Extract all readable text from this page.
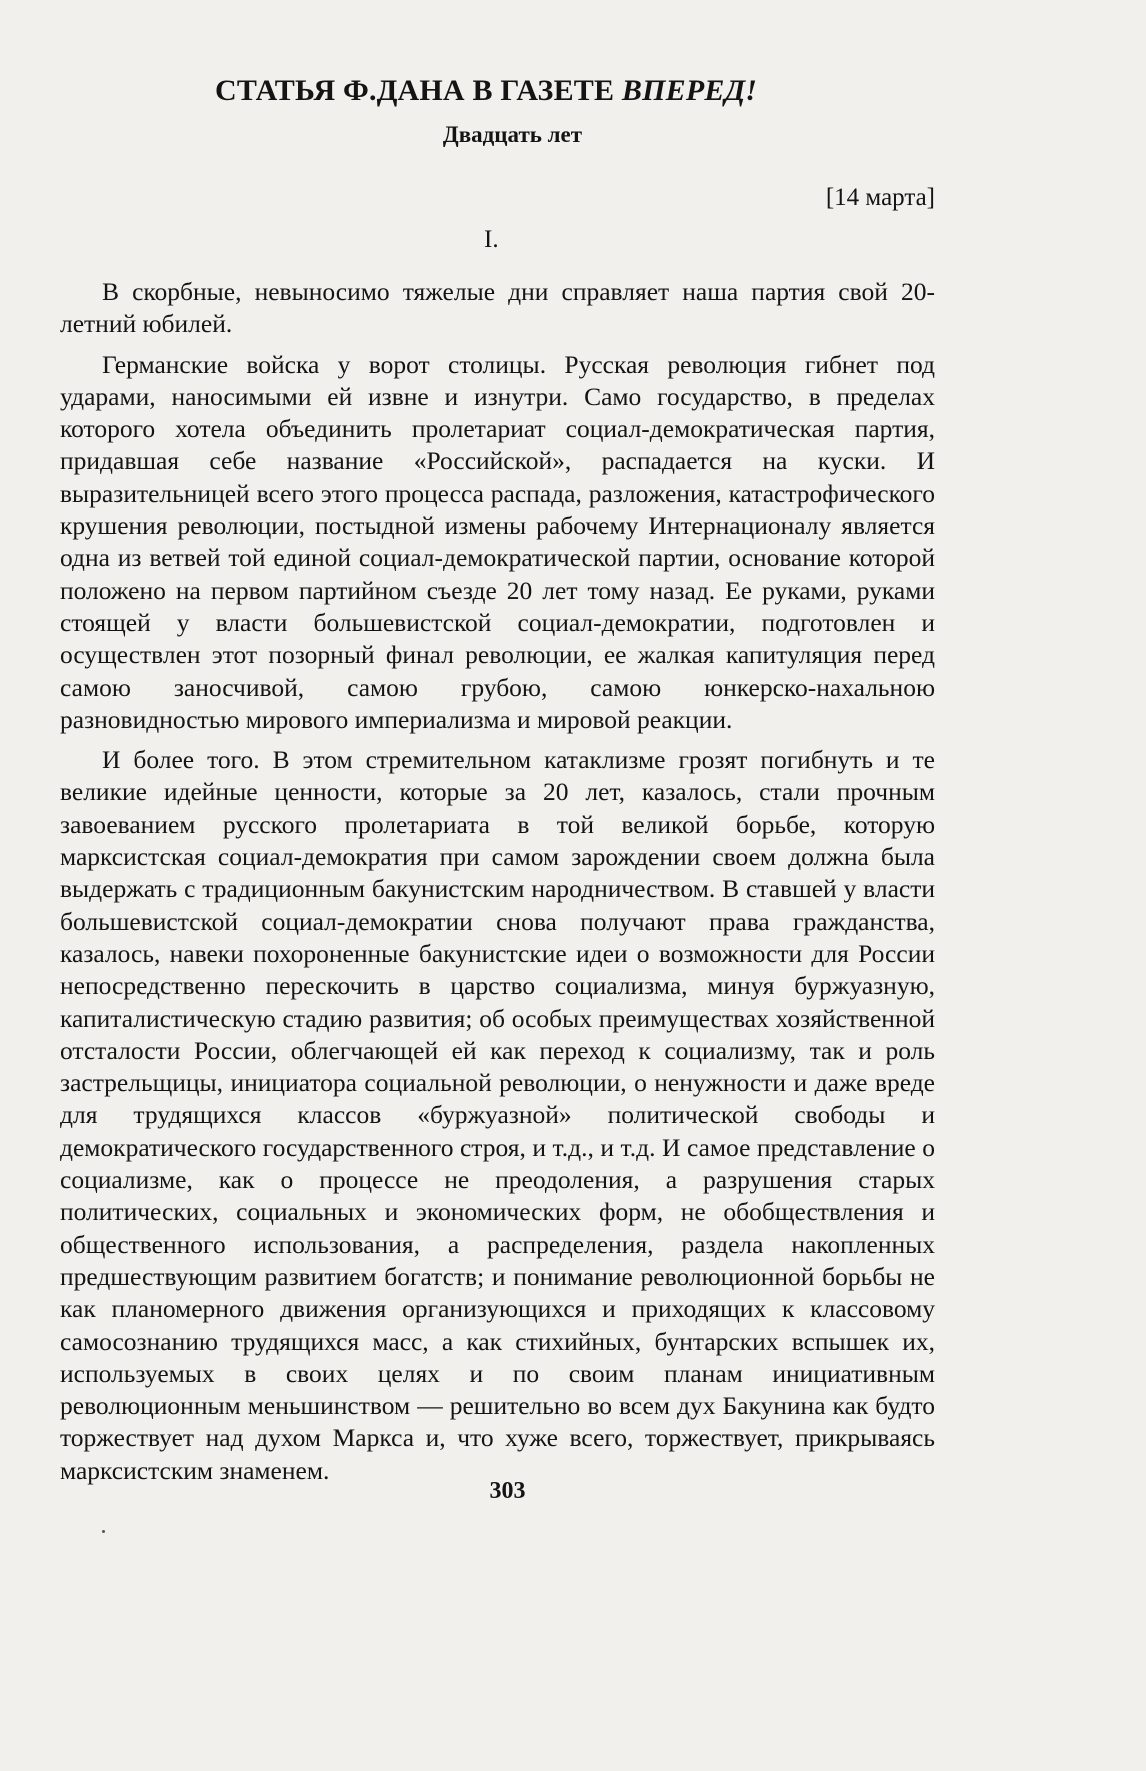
СТАТЬЯ Ф.ДАНА В ГАЗЕТЕ ВПЕРЕД!
Двадцать лет
[14 марта]
I.

В скорбные, невыносимо тяжелые дни справляет наша партия свой 20-летний юбилей.

Германские войска у ворот столицы. Русская революция гибнет под ударами, наносимыми ей извне и изнутри. Само государство, в пределах которого хотела объединить пролетариат социал-демократическая партия, придавшая себе название «Российской», распадается на куски. И выразительницей всего этого процесса распада, разложения, катастрофического крушения революции, постыдной измены рабочему Интернационалу является одна из ветвей той единой социал-демократической партии, основание которой положено на первом партийном съезде 20 лет тому назад. Ее руками, руками стоящей у власти большевистской социал-демократии, подготовлен и осуществлен этот позорный финал революции, ее жалкая капитуляция перед самою заносчивой, самою грубою, самою юнкерско-нахальною разновидностью мирового империализма и мировой реакции.

И более того. В этом стремительном катаклизме грозят погибнуть и те великие идейные ценности, которые за 20 лет, казалось, стали прочным завоеванием русского пролетариата в той великой борьбе, которую марксистская социал-демократия при самом зарождении своем должна была выдержать с традиционным бакунистским народничеством. В ставшей у власти большевистской социал-демократии снова получают права гражданства, казалось, навеки похороненные бакунистские идеи о возможности для России непосредственно перескочить в царство социализма, минуя буржуазную, капиталистическую стадию развития; об особых преимуществах хозяйственной отсталости России, облегчающей ей как переход к социализму, так и роль застрельщицы, инициатора социальной революции, о ненужности и даже вреде для трудящихся классов «буржуазной» политической свободы и демократического государственного строя, и т.д., и т.д. И самое представление о социализме, как о процессе не преодоления, а разрушения старых политических, социальных и экономических форм, не обобществления и общественного использования, а распределения, раздела накопленных предшествующим развитием богатств; и понимание революционной борьбы не как планомерного движения организующихся и приходящих к классовому самосознанию трудящихся масс, а как стихийных, бунтарских вспышек их, используемых в своих целях и по своим планам инициативным революционным меньшинством — решительно во всем дух Бакунина как будто торжествует над духом Маркса и, что хуже всего, торжествует, прикрываясь марксистским знаменем.

303
